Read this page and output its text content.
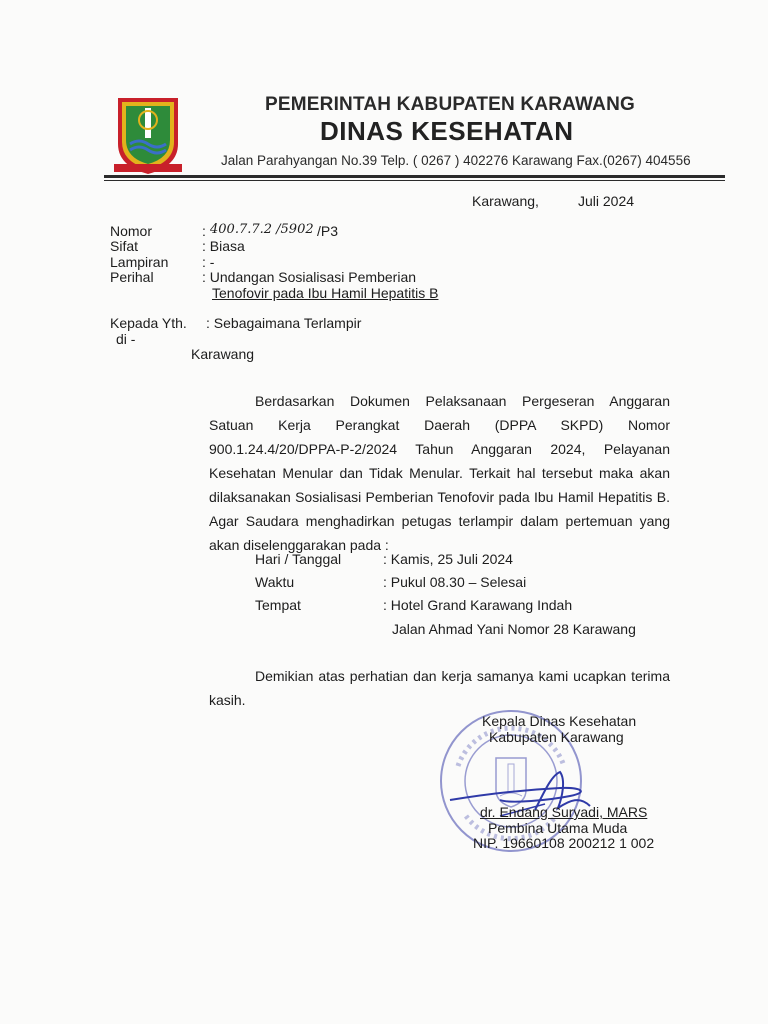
PEMERINTAH KABUPATEN KARAWANG
DINAS KESEHATAN
Jalan Parahyangan No.39 Telp. ( 0267 ) 402276 Karawang Fax.(0267) 404556
Karawang,	Juli 2024
Nomor	: 400.7.7.2 /5902 /P3
Sifat	: Biasa
Lampiran : -
Perihal	: Undangan Sosialisasi Pemberian
Tenofovir pada Ibu Hamil Hepatitis B
Kepada Yth. : Sebagaimana Terlampir
di -
Karawang

Berdasarkan Dokumen Pelaksanaan Pergeseran Anggaran Satuan Kerja Perangkat Daerah (DPPA SKPD) Nomor 900.1.24.4/20/DPPA-P-2/2024 Tahun Anggaran 2024, Pelayanan Kesehatan Menular dan Tidak Menular. Terkait hal tersebut maka akan dilaksanakan Sosialisasi Pemberian Tenofovir pada Ibu Hamil Hepatitis B. Agar Saudara menghadirkan petugas terlampir dalam pertemuan yang akan diselenggarakan pada :

Hari / Tanggal	: Kamis, 25 Juli 2024
Waktu	: Pukul 08.30 – Selesai
Tempat	: Hotel Grand Karawang Indah
Jalan Ahmad Yani Nomor 28 Karawang

Demikian atas perhatian dan kerja samanya kami ucapkan terima kasih.

Kepala Dinas Kesehatan
Kabupaten Karawang
dr. Endang Suryadi, MARS
Pembina Utama Muda
NIP. 19660108 200212 1 002
